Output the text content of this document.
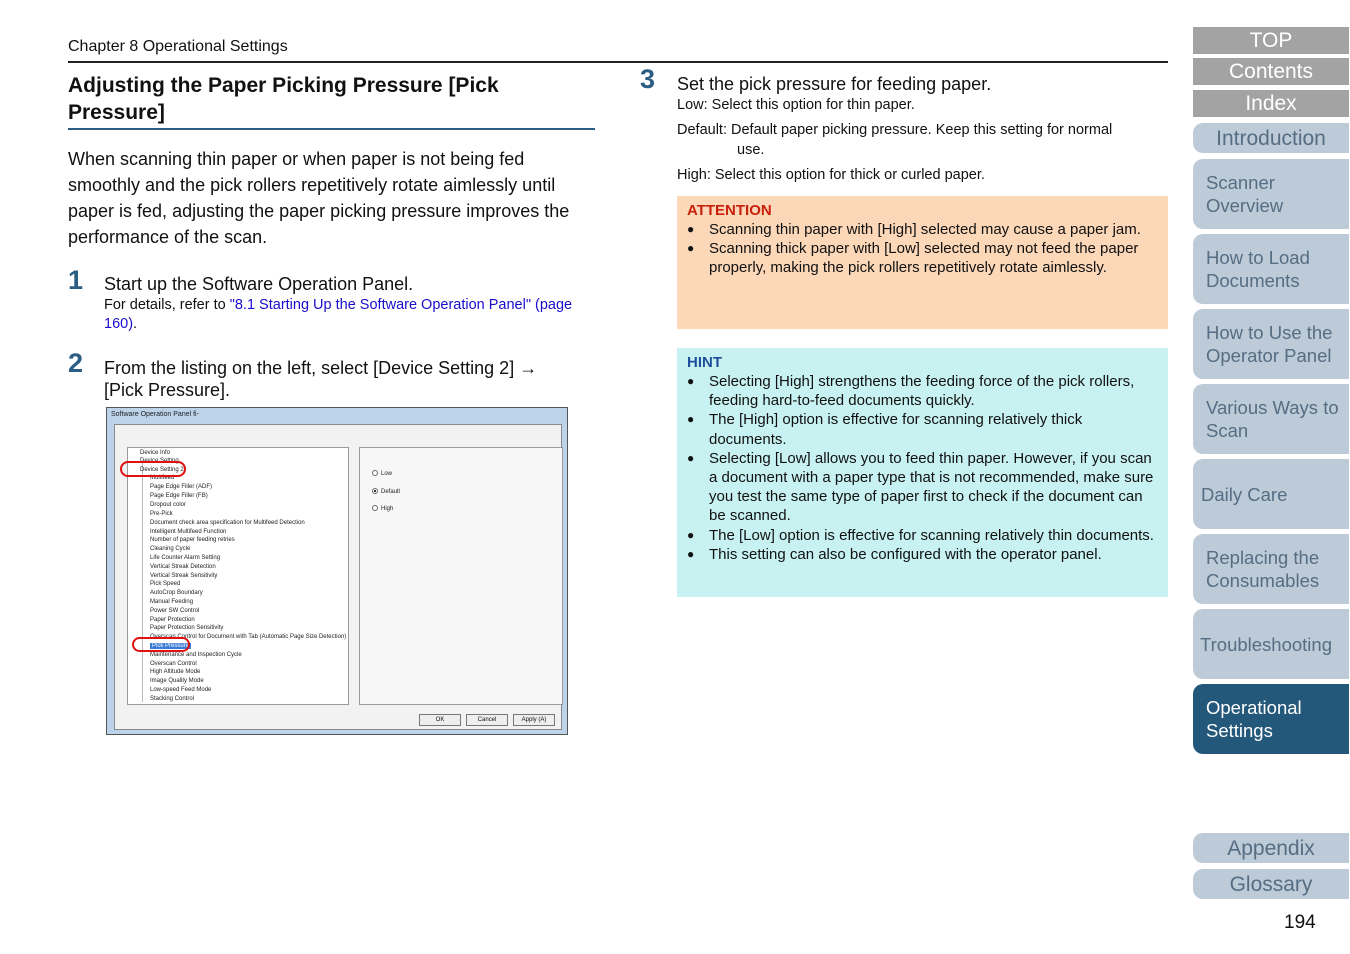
Chapter 8 Operational Settings
Adjusting the Paper Picking Pressure [Pick Pressure]
When scanning thin paper or when paper is not being fed smoothly and the pick rollers repetitively rotate aimlessly until paper is fed, adjusting the paper picking pressure improves the performance of the scan.
1 Start up the Software Operation Panel.
For details, refer to "8.1 Starting Up the Software Operation Panel" (page 160).
2 From the listing on the left, select [Device Setting 2] → [Pick Pressure].
Software Operation Panel fi-
Device Info
Device Setting
Device Setting 2
Multifeed
Page Edge Filler (ADF)
Page Edge Filler (FB)
Dropout color
Pre-Pick
Document check area specification for Multifeed Detection
Intelligent Multifeed Function
Number of paper feeding retries
Cleaning Cycle
Life Counter Alarm Setting
Vertical Streak Detection
Vertical Streak Sensitivity
Pick Speed
AutoCrop Boundary
Manual Feeding
Power SW Control
Paper Protection
Paper Protection Sensitivity
Overscan Control for Document with Tab (Automatic Page Size Detection)
Pick Pressure
Maintenance and Inspection Cycle
Overscan Control
High Altitude Mode
Image Quality Mode
Low-speed Feed Mode
Stacking Control
Low
Default
High
OK	Cancel	Apply (A)
3 Set the pick pressure for feeding paper.
Low: Select this option for thin paper.
Default: Default paper picking pressure. Keep this setting for normal
use.
High: Select this option for thick or curled paper.
ATTENTION
● Scanning thin paper with [High] selected may cause a paper jam.
● Scanning thick paper with [Low] selected may not feed the paper properly, making the pick rollers repetitively rotate aimlessly.
HINT
● Selecting [High] strengthens the feeding force of the pick rollers, feeding hard-to-feed documents quickly.
● The [High] option is effective for scanning relatively thick documents.
● Selecting [Low] allows you to feed thin paper. However, if you scan a document with a paper type that is not recommended, make sure you test the same type of paper first to check if the document can be scanned.
● The [Low] option is effective for scanning relatively thin documents.
● This setting can also be configured with the operator panel.
TOP
Contents
Index
Introduction
Scanner Overview
How to Load Documents
How to Use the Operator Panel
Various Ways to Scan
Daily Care
Replacing the Consumables
Troubleshooting
Operational Settings
Appendix
Glossary
194
